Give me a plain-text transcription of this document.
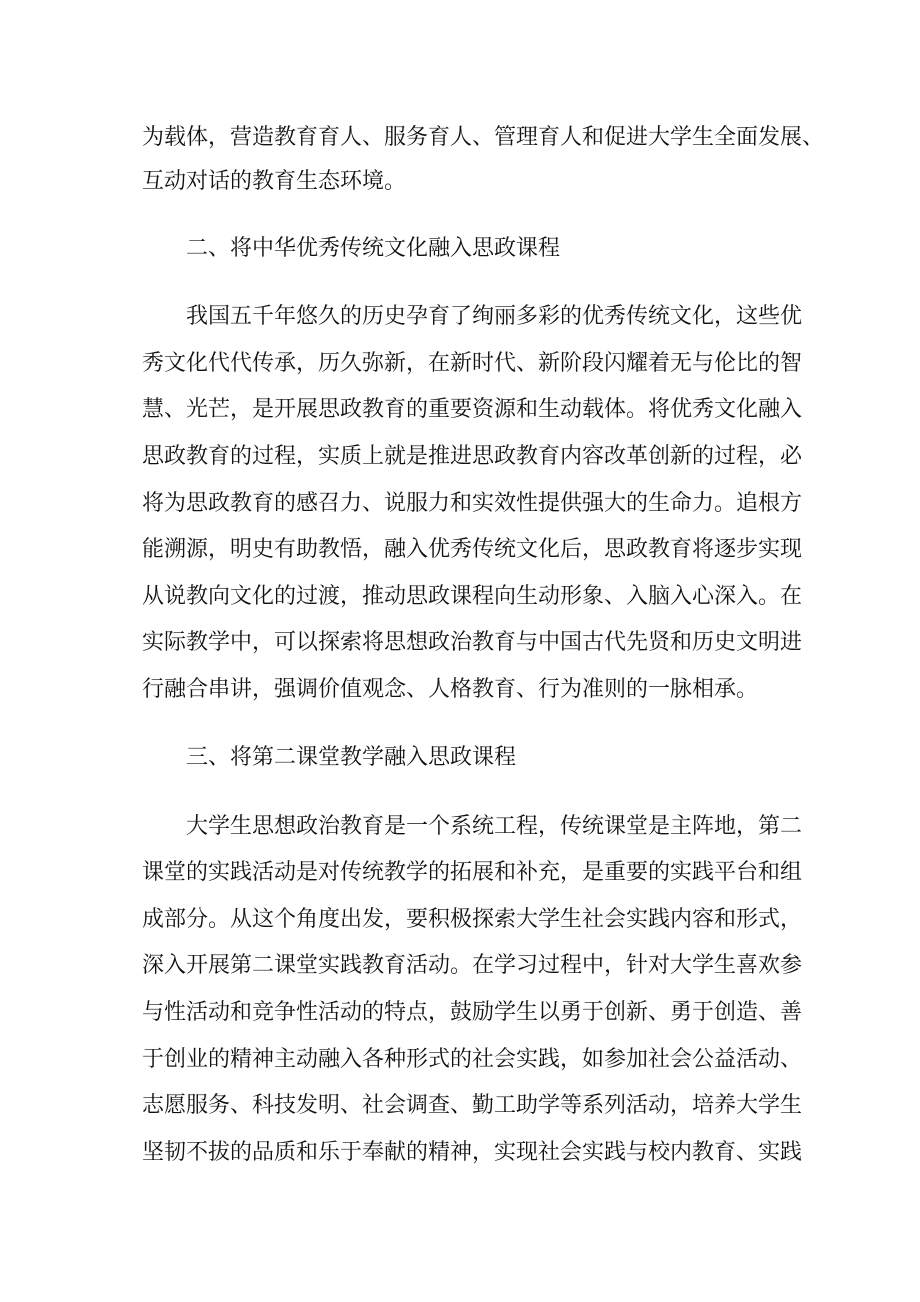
为载体，营造教育育人、服务育人、管理育人和促进大学生全面发展、

互动对话的教育生态环境。

二、将中华优秀传统文化融入思政课程

我国五千年悠久的历史孕育了绚丽多彩的优秀传统文化，这些优

秀文化代代传承，历久弥新，在新时代、新阶段闪耀着无与伦比的智

慧、光芒，是开展思政教育的重要资源和生动载体。将优秀文化融入

思政教育的过程，实质上就是推进思政教育内容改革创新的过程，必

将为思政教育的感召力、说服力和实效性提供强大的生命力。追根方

能溯源，明史有助教悟，融入优秀传统文化后，思政教育将逐步实现

从说教向文化的过渡，推动思政课程向生动形象、入脑入心深入。在

实际教学中，可以探索将思想政治教育与中国古代先贤和历史文明进

行融合串讲，强调价值观念、人格教育、行为准则的一脉相承。

三、将第二课堂教学融入思政课程

大学生思想政治教育是一个系统工程，传统课堂是主阵地，第二

课堂的实践活动是对传统教学的拓展和补充，是重要的实践平台和组

成部分。从这个角度出发，要积极探索大学生社会实践内容和形式，

深入开展第二课堂实践教育活动。在学习过程中，针对大学生喜欢参

与性活动和竞争性活动的特点，鼓励学生以勇于创新、勇于创造、善

于创业的精神主动融入各种形式的社会实践，如参加社会公益活动、

志愿服务、科技发明、社会调查、勤工助学等系列活动，培养大学生

坚韧不拔的品质和乐于奉献的精神，实现社会实践与校内教育、实践
